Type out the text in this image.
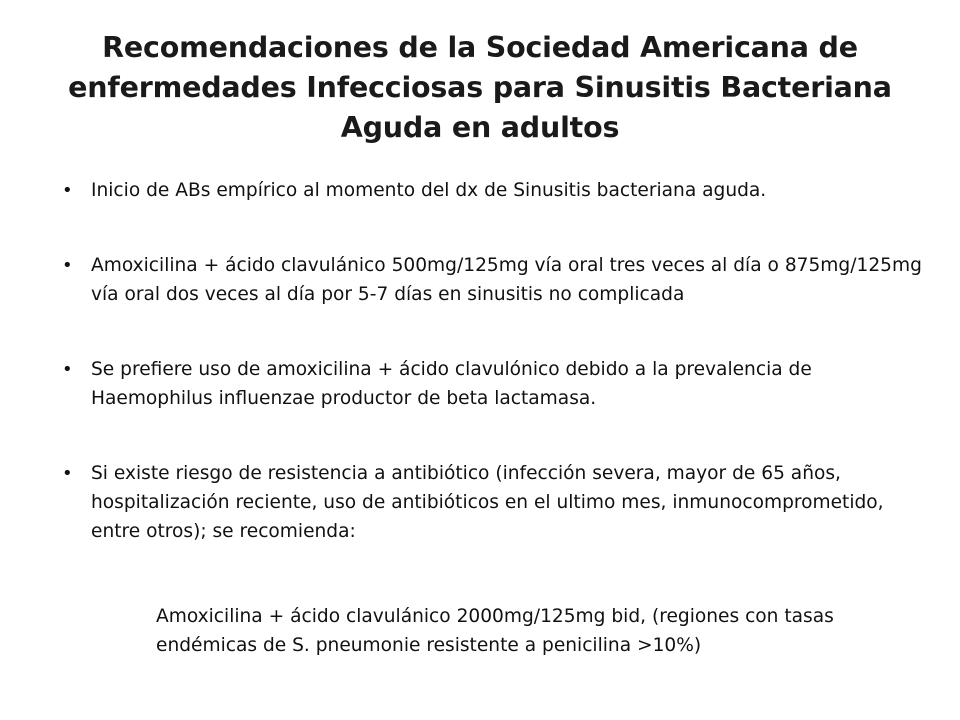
Recomendaciones de la Sociedad Americana de enfermedades Infecciosas para Sinusitis Bacteriana Aguda en adultos
• Inicio de ABs empírico al momento del dx de Sinusitis bacteriana aguda.
• Amoxicilina + ácido clavulánico 500mg/125mg vía oral tres veces al día o 875mg/125mg vía oral dos veces al día por 5-7 días en sinusitis no complicada
• Se prefiere uso de amoxicilina + ácido clavulónico debido a la prevalencia de Haemophilus influenzae productor de beta lactamasa.
• Si existe riesgo de resistencia a antibiótico (infección severa, mayor de 65 años, hospitalización reciente, uso de antibióticos en el ultimo mes, inmunocomprometido, entre otros); se recomienda:
Amoxicilina + ácido clavulánico 2000mg/125mg bid, (regiones con tasas endémicas de S. pneumonie resistente a penicilina >10%)
